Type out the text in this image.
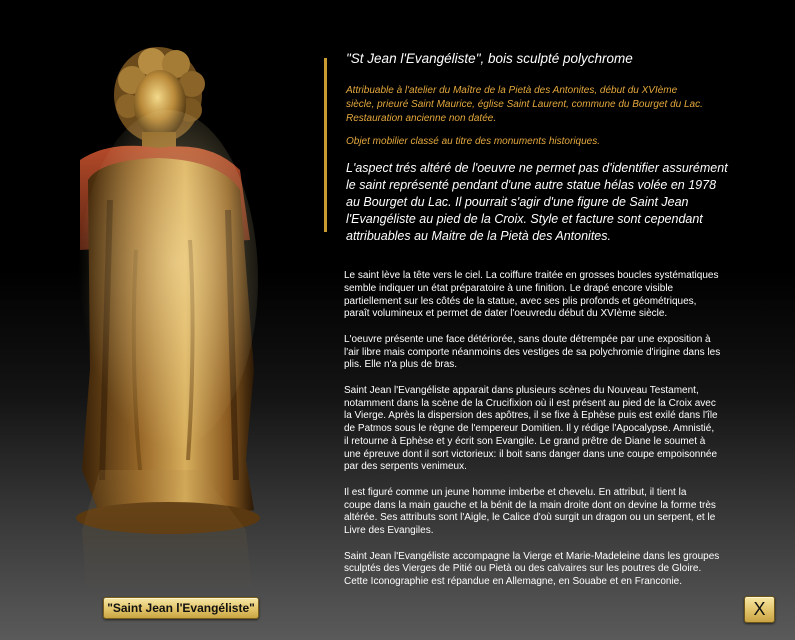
"Saint Jean l'Evangéliste"
"St Jean l'Evangéliste", bois sculpté polychrome
Attribuable à l'atelier du Maître de la Pietà des Antonites, début du XVIème
siècle, prieuré Saint Maurice, église Saint Laurent, commune du Bourget du Lac.
Restauration ancienne non datée.
Objet mobilier classé au titre des monuments historiques.
L'aspect trés altéré de l'oeuvre ne permet pas d'identifier assurément
le saint représenté pendant d'une autre statue hélas volée en 1978
au Bourget du Lac. Il pourrait s'agir d'une figure de Saint Jean
l'Evangéliste au pied de la Croix. Style et facture sont cependant
attribuables au Maitre de la Pietà des Antonites.

Le saint lève la tête vers le ciel. La coiffure traitée en grosses boucles systématiques
semble indiquer un état préparatoire à une finition. Le drapé encore visible
partiellement sur les côtés de la statue, avec ses plis profonds et géométriques,
paraît volumineux et permet de dater l'oeuvredu début du XVIème siècle.

L'oeuvre présente une face détériorée, sans doute détrempée par une exposition à
l'air libre mais comporte néanmoins des vestiges de sa polychromie d'irigine dans les
plis. Elle n'a plus de bras.

Saint Jean l'Evangéliste apparait dans plusieurs scènes du Nouveau Testament,
notamment dans la scène de la Crucifixion où il est présent au pied de la Croix avec
la Vierge. Après la dispersion des apôtres, il se fixe à Ephèse puis est exilé dans l'île
de Patmos sous le règne de l'empereur Domitien. Il y rédige l'Apocalypse. Amnistié,
il retourne à Ephèse et y écrit son Evangile. Le grand prêtre de Diane le soumet à
une épreuve dont il sort victorieux: il boit sans danger dans une coupe empoisonnée
par des serpents venimeux.

Il est figuré comme un jeune homme imberbe et chevelu. En attribut, il tient la
coupe dans la main gauche et la bénit de la main droite dont on devine la forme très
altérée. Ses attributs sont l'Aigle, le Calice d'où surgit un dragon ou un serpent, et le
Livre des Evangiles.

Saint Jean l'Evangéliste accompagne la Vierge et Marie-Madeleine dans les groupes
sculptés des Vierges de Pitié ou Pietà ou des calvaires sur les poutres de Gloire.
Cette Iconographie est répandue en Allemagne, en Souabe et en Franconie.

X
